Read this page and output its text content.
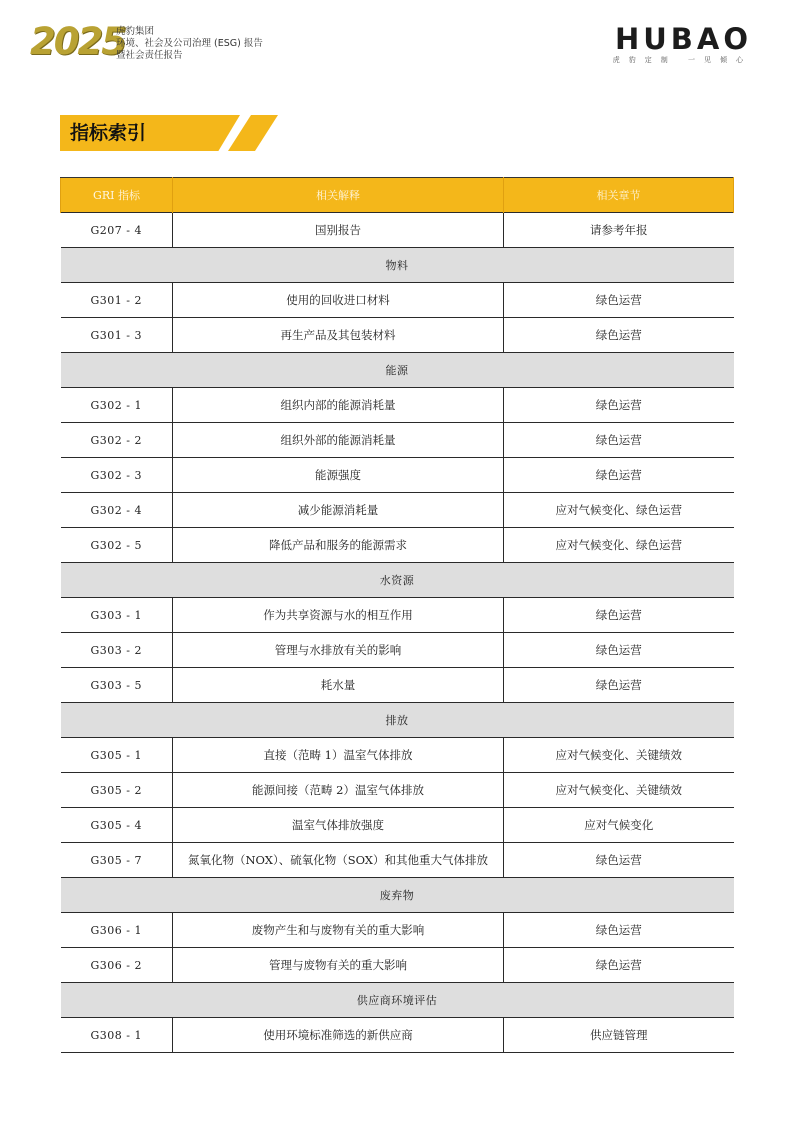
2025
虎豹集团
环境、社会及公司治理 (ESG) 报告
暨社会责任报告	HUBAO
虎豹定制 一见倾心
指标索引
GRI 指标	相关解释	相关章节
G207 - 4	国别报告	请参考年报
物料		
G301 - 2	使用的回收进口材料	绿色运营
G301 - 3	再生产品及其包装材料	绿色运营
能源		
G302 - 1	组织内部的能源消耗量	绿色运营
G302 - 2	组织外部的能源消耗量	绿色运营
G302 - 3	能源强度	绿色运营
G302 - 4	减少能源消耗量	应对气候变化、绿色运营
G302 - 5	降低产品和服务的能源需求	应对气候变化、绿色运营
水资源		
G303 - 1	作为共享资源与水的相互作用	绿色运营
G303 - 2	管理与水排放有关的影响	绿色运营
G303 - 5	耗水量	绿色运营
排放		
G305 - 1	直接（范畴 1）温室气体排放	应对气候变化、关键绩效
G305 - 2	能源间接（范畴 2）温室气体排放	应对气候变化、关键绩效
G305 - 4	温室气体排放强度	应对气候变化
G305 - 7	氮氧化物（NOX）、硫氧化物（SOX）和其他重大气体排放	绿色运营
废弃物		
G306 - 1	废物产生和与废物有关的重大影响	绿色运营
G306 - 2	管理与废物有关的重大影响	绿色运营
供应商环境评估		
G308 - 1	使用环境标准筛选的新供应商	供应链管理
